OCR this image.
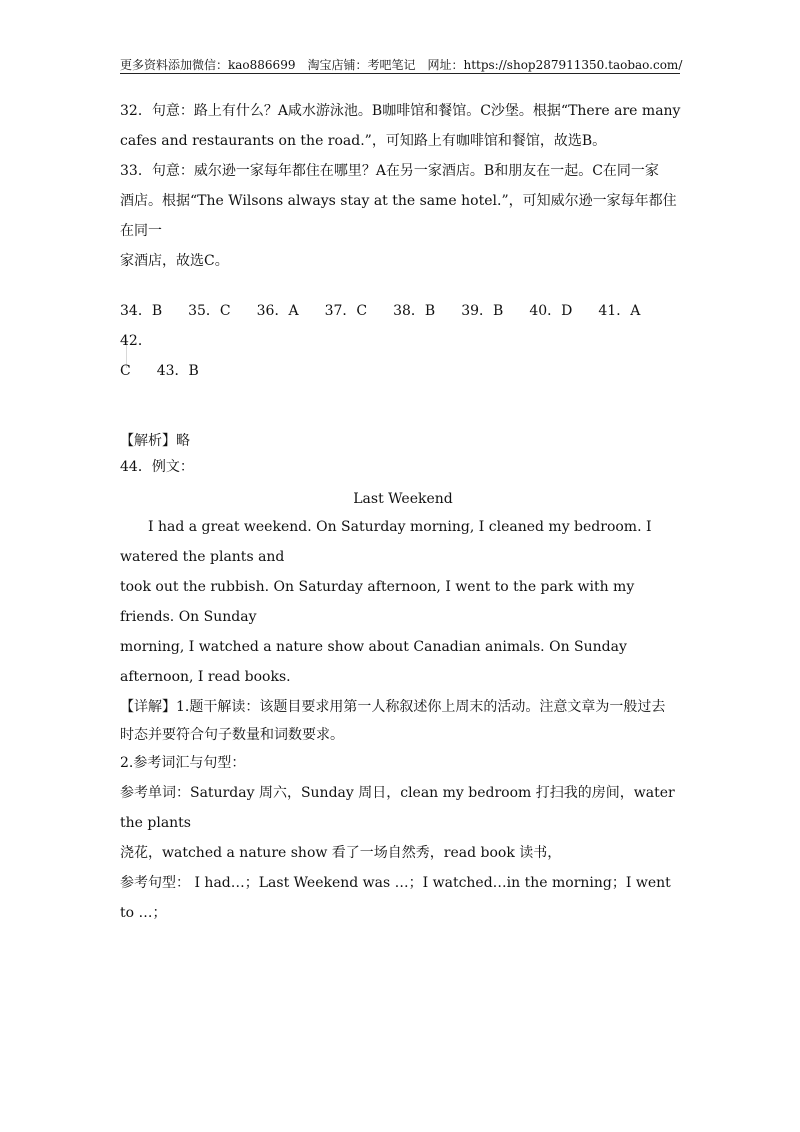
更多资料添加微信：kao886699　淘宝店铺：考吧笔记　网址：https://shop287911350.taobao.com/

32．句意：路上有什么？A咸水游泳池。B咖啡馆和餐馆。C沙堡。根据“There are many

cafes and restaurants on the road.”，可知路上有咖啡馆和餐馆，故选B。

33．句意：威尔逊一家每年都住在哪里？A在另一家酒店。B和朋友在一起。C在同一家

酒店。根据“The Wilsons always stay at the same hotel.”，可知威尔逊一家每年都住在同一

家酒店，故选C。

34．B 35．C 36．A 37．C 38．B 39．B 40．D 41．A42．

C 43．B

【解析】略

44．例文：

Last Weekend

I had a great weekend. On Saturday morning, I cleaned my bedroom. I watered the plants and

took out the rubbish. On Saturday afternoon, I went to the park with my friends. On Sunday

morning, I watched a nature show about Canadian animals. On Sunday afternoon, I read books.

【详解】1.题干解读：该题目要求用第一人称叙述你上周末的活动。注意文章为一般过去

时态并要符合句子数量和词数要求。

2.参考词汇与句型：

参考单词：Saturday 周六，Sunday 周日，clean my bedroom 打扫我的房间，water the plants

浇花，watched a nature show 看了一场自然秀，read book 读书，

参考句型： I had…；Last Weekend was …；I watched…in the morning；I went to …；
